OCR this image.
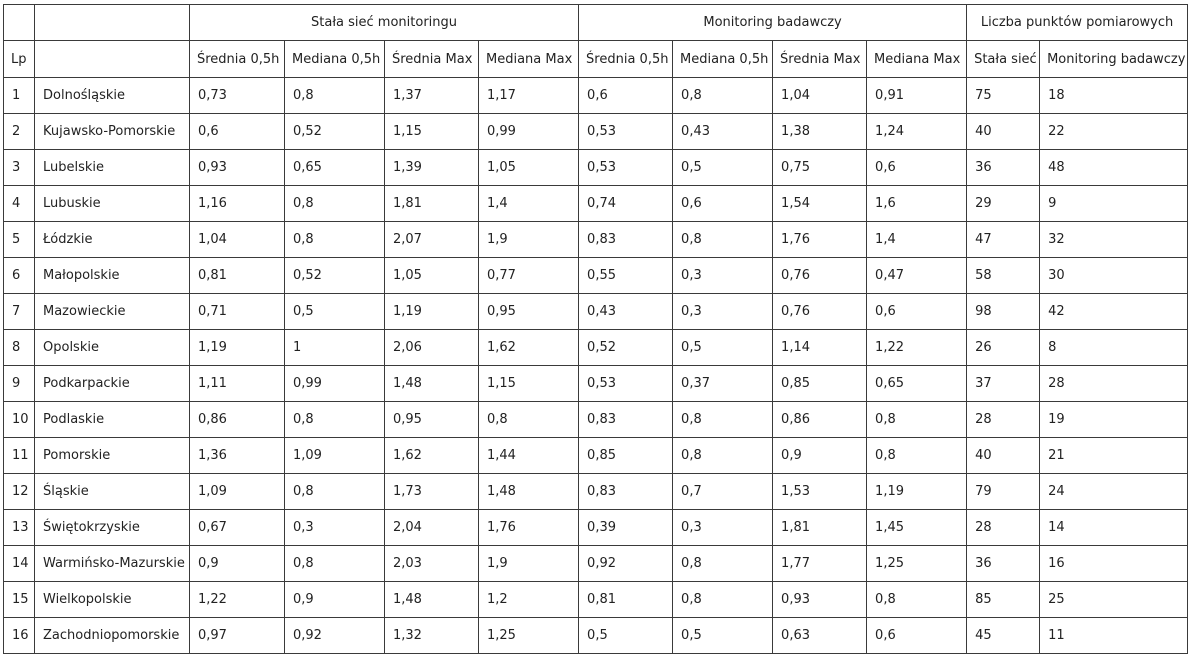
		Stała sieć monitoringu				Monitoring badawczy				Liczba punktów pomiarowych	
Lp		Średnia 0,5h	Mediana 0,5h	Średnia Max	Mediana Max	Średnia 0,5h	Mediana 0,5h	Średnia Max	Mediana Max	Stała sieć	Monitoring badawczy
1	Dolnośląskie	0,73	0,8	1,37	1,17	0,6	0,8	1,04	0,91	75	18
2	Kujawsko-Pomorskie	0,6	0,52	1,15	0,99	0,53	0,43	1,38	1,24	40	22
3	Lubelskie	0,93	0,65	1,39	1,05	0,53	0,5	0,75	0,6	36	48
4	Lubuskie	1,16	0,8	1,81	1,4	0,74	0,6	1,54	1,6	29	9
5	Łódzkie	1,04	0,8	2,07	1,9	0,83	0,8	1,76	1,4	47	32
6	Małopolskie	0,81	0,52	1,05	0,77	0,55	0,3	0,76	0,47	58	30
7	Mazowieckie	0,71	0,5	1,19	0,95	0,43	0,3	0,76	0,6	98	42
8	Opolskie	1,19	1	2,06	1,62	0,52	0,5	1,14	1,22	26	8
9	Podkarpackie	1,11	0,99	1,48	1,15	0,53	0,37	0,85	0,65	37	28
10	Podlaskie	0,86	0,8	0,95	0,8	0,83	0,8	0,86	0,8	28	19
11	Pomorskie	1,36	1,09	1,62	1,44	0,85	0,8	0,9	0,8	40	21
12	Śląskie	1,09	0,8	1,73	1,48	0,83	0,7	1,53	1,19	79	24
13	Świętokrzyskie	0,67	0,3	2,04	1,76	0,39	0,3	1,81	1,45	28	14
14	Warmińsko-Mazurskie	0,9	0,8	2,03	1,9	0,92	0,8	1,77	1,25	36	16
15	Wielkopolskie	1,22	0,9	1,48	1,2	0,81	0,8	0,93	0,8	85	25
16	Zachodniopomorskie	0,97	0,92	1,32	1,25	0,5	0,5	0,63	0,6	45	11
